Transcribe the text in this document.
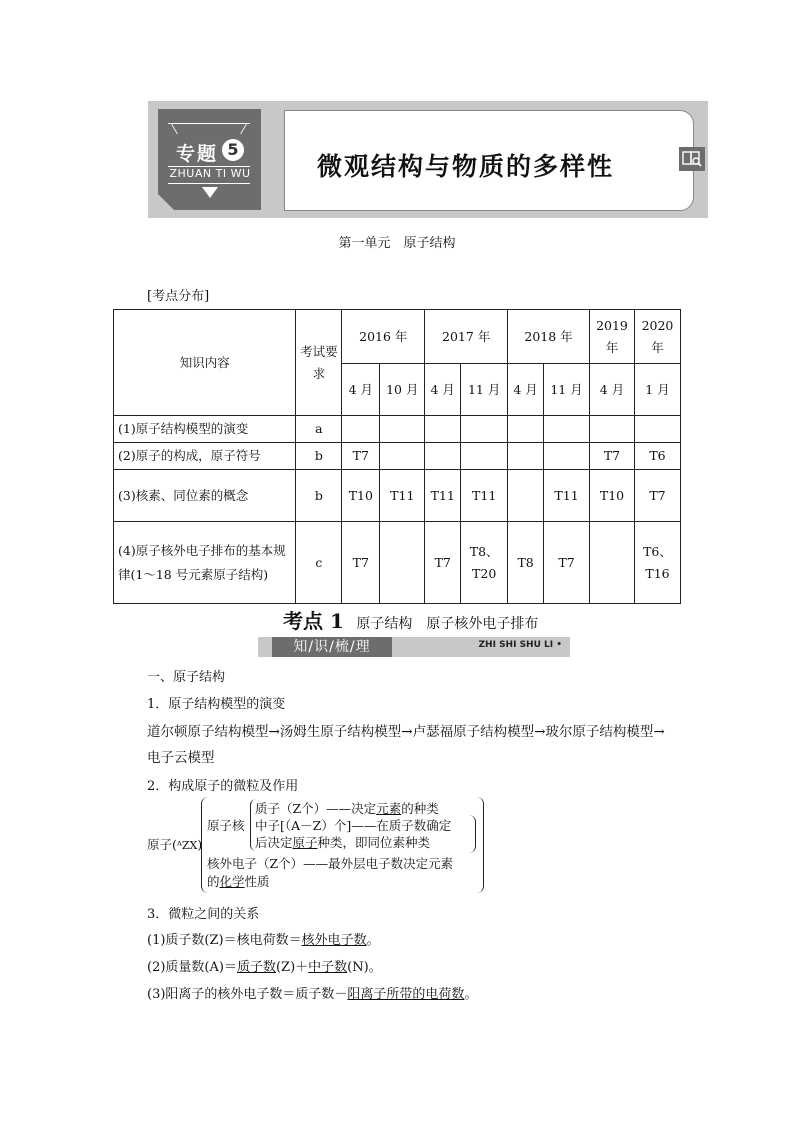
专题 5
ZHUAN TI WU	微观结构与物质的多样性
第一单元　原子结构
[考点分布]
知识内容	考试要求	2016 年		2017 年		2018 年		2019 年	2020 年
		4 月	10 月	4 月	11 月	4 月	11 月	4 月	1 月
(1)原子结构模型的演变	a								
(2)原子的构成，原子符号	b	T7						T7	T6
(3)核素、同位素的概念	b	T10	T11	T11	T11		T11	T10	T7
(4)原子核外电子排布的基本规律(1～18 号元素原子结构)	c	T7		T7	T8、T20	T8	T7		T6、T16
考点 1 原子结构　原子核外电子排布
知/识/梳/理	ZHI SHI SHU LI •
一、原子结构
1．原子结构模型的演变
道尔顿原子结构模型→汤姆生原子结构模型→卢瑟福原子结构模型→玻尔原子结构模型→电子云模型
2．构成原子的微粒及作用
原子(ᴬZX)
原子核
质子（Z个）——决定元素的种类
中子[（A－Z）个]——在质子数确定
后决定原子种类，即同位素种类
核外电子（Z个）——最外层电子数决定元素
的化学性质
3．微粒之间的关系
(1)质子数(Z)＝核电荷数＝核外电子数。
(2)质量数(A)＝质子数(Z)＋中子数(N)。
(3)阳离子的核外电子数＝质子数－阳离子所带的电荷数。
